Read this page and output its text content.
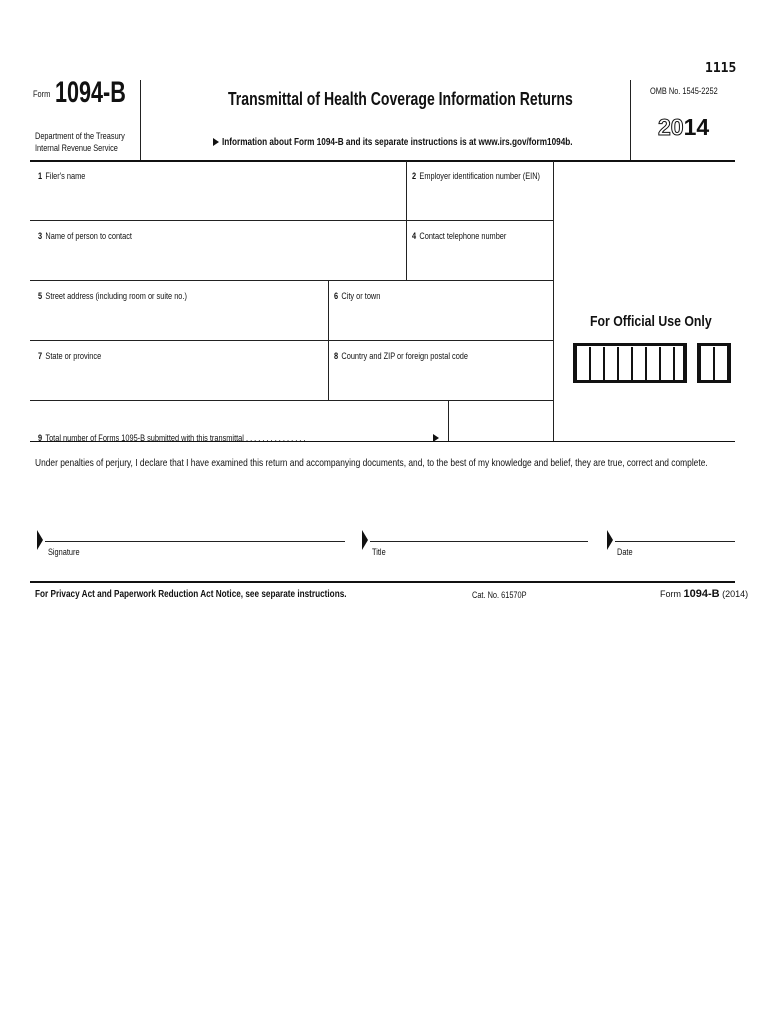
1115
Form 1094-B
Department of the Treasury
Internal Revenue Service
Transmittal of Health Coverage Information Returns
Information about Form 1094-B and its separate instructions is at www.irs.gov/form1094b.
OMB No. 1545-2252
2014
1 Filer's name	2 Employer identification number (EIN)
3 Name of person to contact	4 Contact telephone number
5 Street address (including room or suite no.)	6 City or town
7 State or province	8 Country and ZIP or foreign postal code
9 Total number of Forms 1095-B submitted with this transmittal . . . . . . . . . . . . . . .
For Official Use Only
Under penalties of perjury, I declare that I have examined this return and accompanying documents, and, to the best of my knowledge and belief, they are true, correct and complete.
Signature	Title	Date
For Privacy Act and Paperwork Reduction Act Notice, see separate instructions.	Cat. No. 61570P	Form 1094-B (2014)
